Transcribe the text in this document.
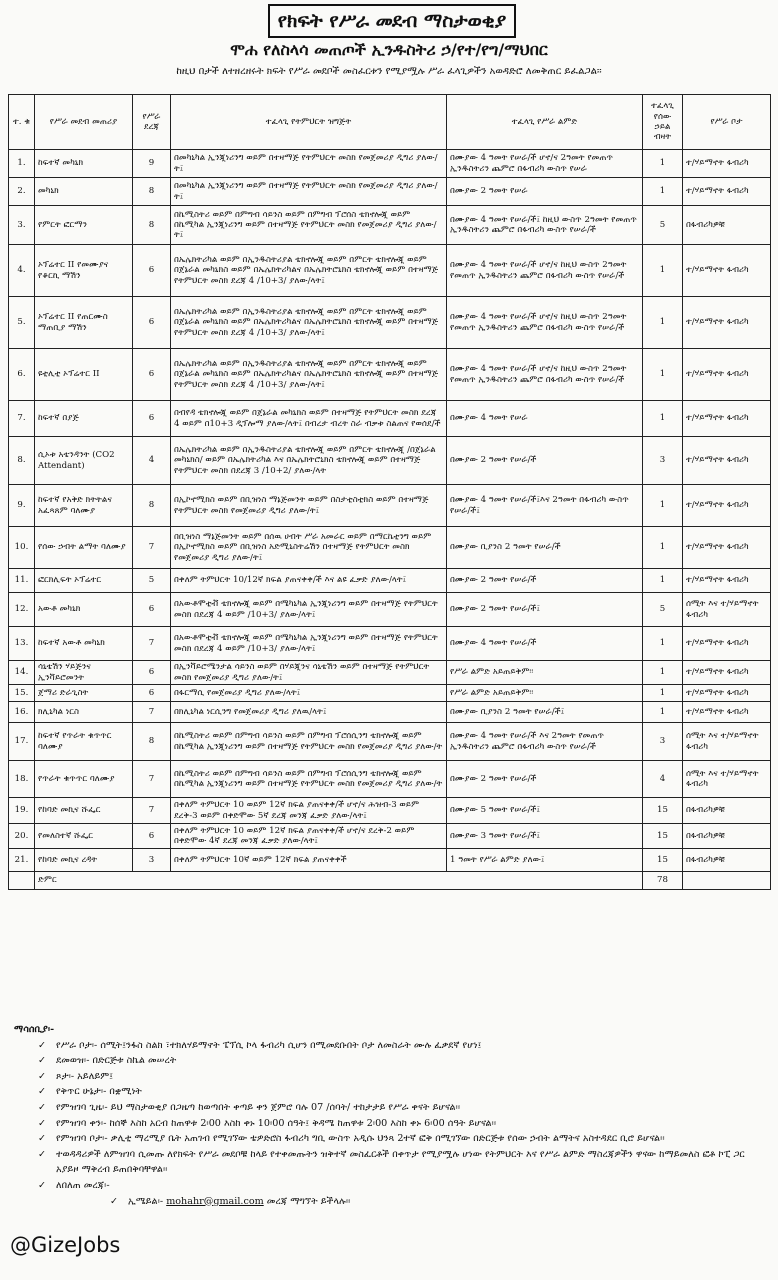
የክፍት የሥራ መደብ ማስታወቂያ
ሞሐ የለስላሳ መጠጦች ኢንዱስትሪ ኃ/የተ/የግ/ማህበር
ከዚህ በታች ለተዘረዘሩት ክፍት የሥራ መደቦች መስፈርቱን የሚያሟሉ ሥራ ፈላጊዎችን አወዳድሮ ለመቅጠር ይፈልጋል፡፡
ተ. ቁ	የሥራ መደብ መጠሪያ	የሥራ ደረጃ	ተፈላጊ የትምህርት ዝግጅት	ተፈላጊ የሥራ ልምድ	ተፈላጊ የሰው ኃይል ብዛት	የሥራ ቦታ
1.	ከፍተኛ መካኒክ	9	በመካኒካል ኢንጂነሪንግ ወይም በተዛማጅ የትምህርት መስክ የመጀመሪያ ዲግሪ ያለው/ት፤	በሙያው 4 ዓመት የሠራ/ች ሆኖ/ና 2ዓመት የመጠጥ ኢንዱስትሪን ጨምሮ በፋብሪካ ውስጥ የሠራ	1	ተ/ሃይማኖት ፋብሪካ
2.	መካኒክ	8	በመካኒካል ኢንጂነሪንግ ወይም በተዛማጅ የትምህርት መስክ የመጀመሪያ ዲግሪ ያለው/ት፤	በሙያው 2 ዓመት የሠራ	1	ተ/ሃይማኖት ፋብሪካ
3.	የምርት ፎርማን	8	በኬሚስትሪ ወይም በምግብ ሳይንስ ወይም በምግብ ፕሮሰስ ቴክኖሎጂ ወይም በኬሚካል ኢንጂነሪንግ ወይም በተዛማጅ የትምህርት መስክ የመጀመሪያ ዲግሪ ያለው/ት፤	በሙያው 4 ዓመት የሠራ/ች፤ ከዚህ ውስጥ 2ዓመት የመጠጥ ኢንዱስትሪን ጨምሮ በፋብሪካ ውስጥ የሠራ/ች	5	በፋብሪካዎቹ
4.	ኦፕሬተር II የመሙያና የቆርኪ ማሽን	6	በኤሌክትሪካል ወይም በኢንዱስትሪያል ቴክኖሎጂ ወይም በምርት ቴክኖሎጂ ወይም በጀኔራል መካኒክስ ወይም በኤሌክትሪካልና በኤሌክትሮኒክስ ቴክኖሎጂ ወይም በተዛማጅ የትምህርት መስክ ደረጃ 4 /10+3/ ያለው/ላት፤	በሙያው 4 ዓመት የሠራ/ች ሆኖ/ና ከዚህ ውስጥ 2ዓመት የመጠጥ ኢንዱስትሪን ጨምሮ በፋብሪካ ውስጥ የሠራ/ች	1	ተ/ሃይማኖት ፋብሪካ
5.	ኦፕሬተር II የጠርሙስ ማጠቢያ ማሽን	6	በኤሌክትሪካል ወይም በኢንዱስትሪያል ቴክኖሎጂ ወይም በምርት ቴክኖሎጂ ወይም በጀኔራል መካኒክስ ወይም በኤሌክትሪካልና በኤሌክትሮኒክስ ቴክኖሎጂ ወይም በተዛማጅ የትምህርት መስክ ደረጃ 4 /10+3/ ያለው/ላት፤	በሙያው 4 ዓመት የሠራ/ች ሆኖ/ና ከዚህ ውስጥ 2ዓመት የመጠጥ ኢንዱስትሪን ጨምሮ በፋብሪካ ውስጥ የሠራ/ች	1	ተ/ሃይማኖት ፋብሪካ
6.	ዩቲሊቲ ኦፕሬተር II	6	በኤሌክትሪካል ወይም በኢንዱስትሪያል ቴክኖሎጂ ወይም በምርት ቴክኖሎጂ ወይም በጀኔራል መካኒክስ ወይም በኤሌክትሪካልና በኤሌክትሮኒክስ ቴክኖሎጂ ወይም በተዛማጅ የትምህርት መስክ ደረጃ 4 /10+3/ ያለው/ላት፤	በሙያው 4 ዓመት የሠራ/ች ሆኖ/ና ከዚህ ውስጥ 2ዓመት የመጠጥ ኢንዱስትሪን ጨምሮ በፋብሪካ ውስጥ የሠራ/ች	1	ተ/ሃይማኖት ፋብሪካ
7.	ከፍተኛ በያጅ	6	በብየዳ ቴክኖሎጂ ወይም በጀኔራል መካኒክስ ወይም በተዛማጅ የትምህርት መስክ ደረጃ 4 ወይም በ10+3 ዲፕሎማ ያለው/ላት፤ በብረታ ብረት ስራ ብቃቱ ስልጠና የወሰደ/ች	በሙያው 4 ዓመት የሠራ	1	ተ/ሃይማኖት ፋብሪካ
8.	ሲኦቱ አቴንዳንት (CO2 Attendant)	4	በኤሌክትሪካል ወይም በኢንዱስትሪያል ቴክኖሎጂ ወይም በምርት ቴክኖሎጂ /በጀኔራል መካኒክስ/ ወይም በኤሌክትሪካል እና በኤሌክትሮኒክስ ቴክኖሎጂ ወይም በተዛማጅ የትምህርት መስክ በደረጃ 3 /10+2/ ያለው/ላት	በሙያው 2 ዓመት የሠራ/ች	3	ተ/ሃይማኖት ፋብሪካ
9.	ከፍተኛ የአቅድ ክትትልና አፈጻጸም ባለሙያ	8	በኢኮኖሚክስ ወይም በቢዝነስ ማኔጅመንት ወይም በስታቲስቲክስ ወይም በተዛማጅ የትምህርት መስክ የመጀመሪያ ዲግሪ ያለው/ት፤	በሙያው 4 ዓመት የሠራ/ች፤እና 2ዓመት በፋብሪካ ውስጥ የሠራ/ች፤	1	ተ/ሃይማኖት ፋብሪካ
10.	የሰው ኃብት ልማት ባለሙያ	7	በቢዝነስ ማኔጅመንት ወይም በሰዉ ሀብት ሥራ አመራር ወይም በማርኬቲንግ ወይም በኢኮኖሚክስ ወይም በቢዝነስ አድሚኒስትሬሽን በተዛማጅ የትምህርት መስክ የመጀመሪያ ዲግሪ ያለው/ት፤	በሙያው ቢያንስ 2 ዓመት የሠራ/ች	1	ተ/ሃይማኖት ፋብሪካ
11.	ፎርክሊፍት ኦፕሬተር	5	በቀለም ትምህርት 10/12ኛ ክፍል ያጠናቀቀ/ች እና ልዩ ፈቃድ ያለው/ላት፤	በሙያው 2 ዓመት የሠራ/ች	1	ተ/ሃይማኖት ፋብሪካ
12.	አውቶ መካኒክ	6	በአውቶሞቲቭ ቴክኖሎጂ ወይም በሜካኒካል ኢንጂነሪንግ ወይም በተዛማጅ የትምህርት መስክ በደረጃ 4 ወይም /10+3/ ያለው/ላት፤	በሙያው 2 ዓመት የሠራ/ች፤	5	ሰሚት እና ተ/ሃይማኖት ፋብሪካ
13.	ከፍተኛ አውቶ መካኒክ	7	በአውቶሞቲቭ ቴክኖሎጂ ወይም በሜካኒካል ኢንጂነሪንግ ወይም በተዛማጅ የትምህርት መስክ በደረጃ 4 ወይም /10+3/ ያለው/ላት፤	በሙያው 4 ዓመት የሠራ/ች	1	ተ/ሃይማኖት ፋብሪካ
14.	ሳኒቴሽን ሃይጅንና ኢንቫይሮመንት	6	በኢንቫይሮሜንታል ሳይንስ ወይም በሃይጂንና ሳኒቴሽን ወይም በተዛማጅ የትምህርት መስክ የመጀመሪያ ዲግሪ ያለው/ት፤	የሥራ ልምድ አይጠይቅም፡፡	1	ተ/ሃይማኖት ፋብሪካ
15.	ጀማሪ ድራጊስት	6	በፋርማሲ የመጀመሪያ ዲግሪ ያለው/ላት፤	የሥራ ልምድ አይጠይቅም፡፡	1	ተ/ሃይማኖት ፋብሪካ
16.	ክሊኒካል ነርስ	7	በክሊኒካል ነርሲንግ የመጀመሪያ ዲግሪ ያለዉ/ላት፤	በሙያው ቢያንስ 2 ዓመት የሠራ/ች፤	1	ተ/ሃይማኖት ፋብሪካ
17.	ከፍተኛ የጥራት ቁጥጥር ባለሙያ	8	በኬሚስትሪ ወይም በምግብ ሳይንስ ወይም በምግብ ፕሮሰሲንግ ቴክኖሎጂ ወይም በኬሚካል ኢንጂነሪንግ ወይም በተዛማጅ የትምህርት መስክ የመጀመሪያ ዲግሪ ያለው/ት	በሙያው 4 ዓመት የሠራ/ች እና 2ዓመት የመጠጥ ኢንዱስትሪን ጨምሮ በፋብሪካ ውስጥ የሠራ/ች	3	ሰሚት እና ተ/ሃይማኖት ፋብሪካ
18.	የጥራት ቁጥጥር ባለሙያ	7	በኬሚስትሪ ወይም በምግብ ሳይንስ ወይም በምግብ ፕሮሰሲንግ ቴክኖሎጂ ወይም በኬሚካል ኢንጂነሪንግ ወይም በተዛማጅ የትምህርት መስክ የመጀመሪያ ዲግሪ ያለው/ት	በሙያው 2 ዓመት የሠራ/ች	4	ሰሚት እና ተ/ሃይማኖት ፋብሪካ
19.	የከባድ መኪና ሹፌር	7	በቀለም ትምህርት 10 ወይም 12ኛ ክፍል ያጠናቀቀ/ች ሆኖ/ና ሕዝብ-3 ወይም ደረቅ-3 ወይም በቀድሞው 5ኛ ደረጃ መንጃ ፈቃድ ያለው/ላት፤	በሙያው 5 ዓመት የሠራ/ች፤	15	በፋብሪካዎቹ
20.	የመለስተኛ ሹፌር	6	በቀለም ትምህርት 10 ወይም 12ኛ ክፍል ያጠናቀቀ/ች ሆኖ/ና ደረቅ-2 ወይም በቀድሞው 4ኛ ደረጃ መንጃ ፈቃድ ያለው/ላት፤	በሙያው 3 ዓመት የሠራ/ች፤	15	በፋብሪካዎቹ
21.	የከባድ መኪና ረዳት	3	በቀለም ትምህርት 10ኛ ወይም 12ኛ ክፍል ያጠናቀቀች	1 ዓመት የሥራ ልምድ ያለው፤	15	በፋብሪካዎቹ
	ድምር				78	
ማሳሰቢያ፡-
✓ የሥራ ቦታ፡- ሰሚት፤ንፋስ ስልክ ፣ተክለሃይማኖት ፔፕሲ ኮላ ፋብሪካ ሲሆን በሚመደቡበት ቦታ ለመስራት ሙሉ ፈቃደኛ የሆነ፤
✓ ደመወዝ፡- በድርጅቱ ስኬል መሠረት
✓ ጾታ፡- አይለይም፤
✓ የቅጥር ሁኔታ፡- በቋሚነት
✓ የምዝገባ ጊዜ፡- ይህ ማስታወቂያ በጋዜጣ ከወጣበት ቀጣይ ቀን ጀምሮ ባሉ 07 /ሰባት/ ተከታታይ የሥራ ቀናት ይሆናል፡፡
✓ የምዝገባ ቀን፡- ከሰኞ እስከ አርብ ከጠዋቱ 2፡00 እስከ ቀኑ 10፡00 ሰዓት፤ ቅዳሜ ከጠዋቱ 2፡00 እስከ ቀኑ 6፡00 ሰዓት ይሆናል፡፡
✓ የምዝገባ ቦታ፡- ቃሊቲ ማረሚያ ቤት አጠገብ የሚገኘው ቴዎድሮስ ፋብሪካ ግቢ ውስጥ አዲሱ ህንጻ 2ተኛ ፎቅ በሚገኘው በድርጅቱ የሰው ኃብት ልማትና አስተዳደር ቢሮ ይሆናል፡፡
✓ ተወዳዳሪዎች ለምዝገባ ሲመጡ ለየክፍት የሥራ መደቦቹ ከላይ የተቀመጡትን ዝቅተኛ መስፈርቶች በቀጥታ የሚያሟሉ ሆነው የትምህርት እና የሥራ ልምድ ማስረጃዎችን ዋናው ከማይመለስ ፎቶ ኮፒ ጋር አያይዞ ማቅረብ ይጠበቅባቸዋል፡፡
✓ ለበለጠ መረጃ፡-
✓ ኢሜይል፡- mohahr@gmail.com መረጃ ማግኘት ይችላሉ፡፡
@GizeJobs
